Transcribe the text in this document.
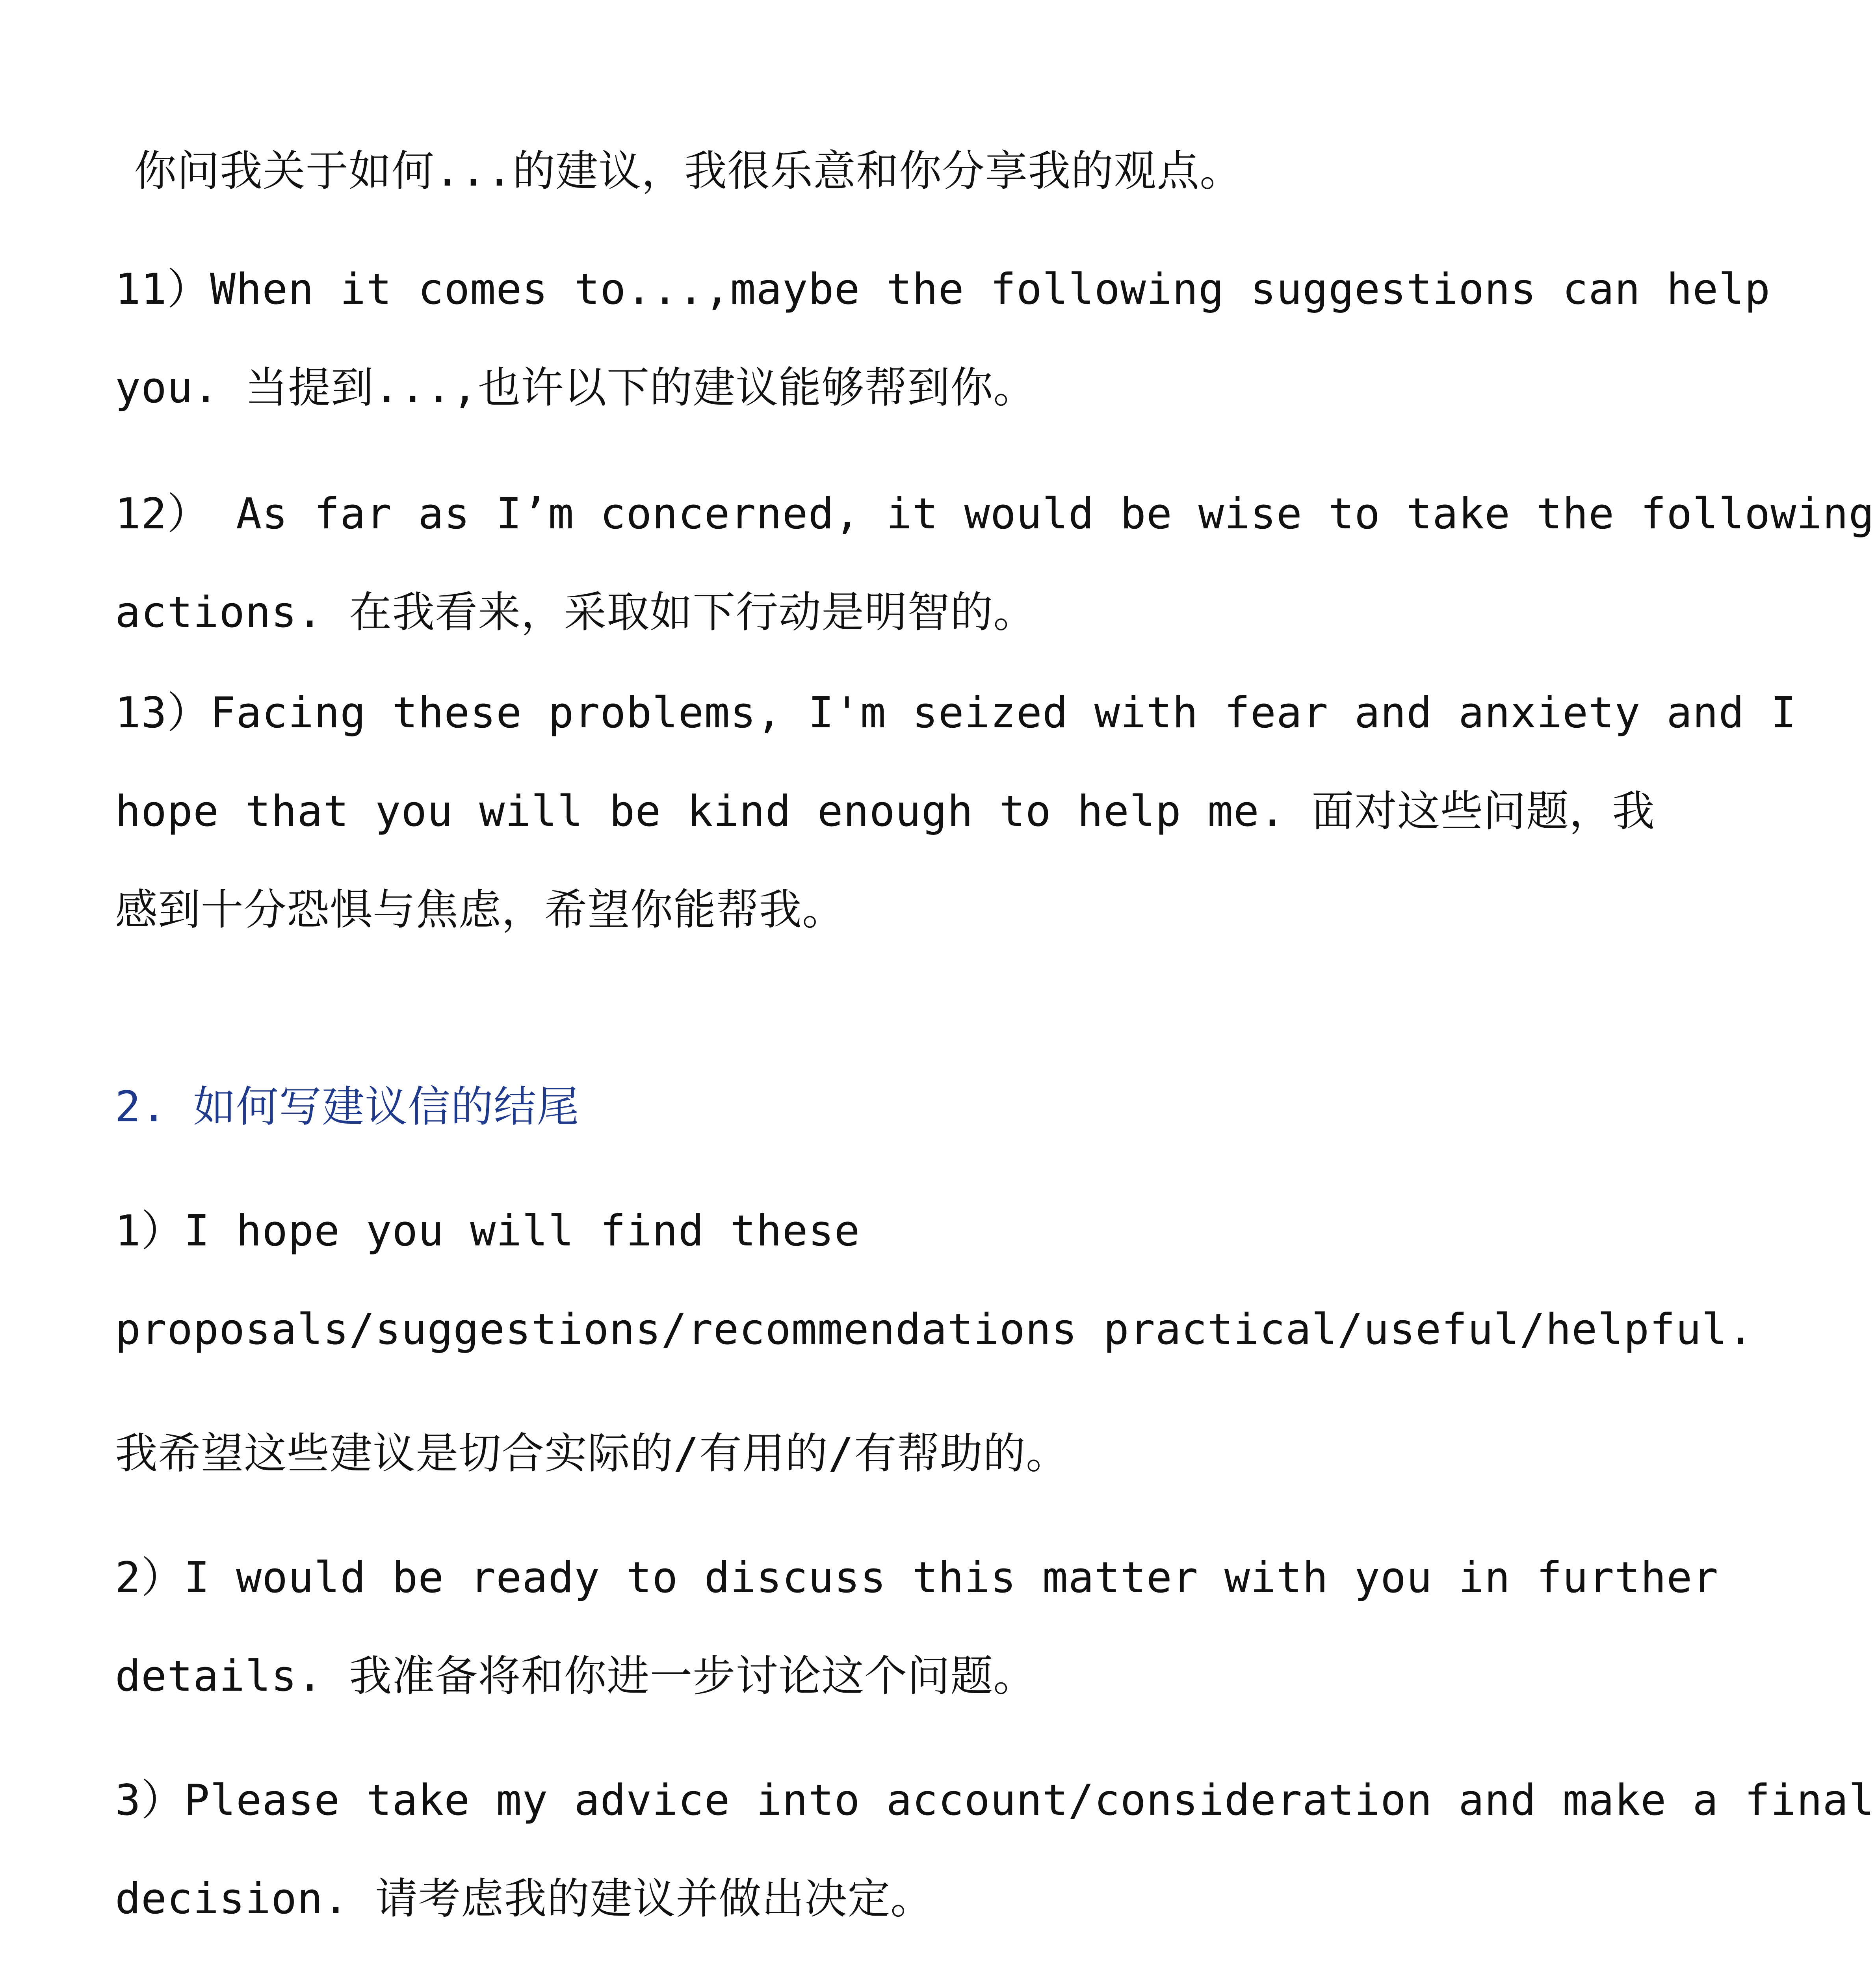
你问我关于如何...的建议，我很乐意和你分享我的观点。
11）When it comes to...,maybe the following suggestions can help
you. 当提到...,也许以下的建议能够帮到你。
12） As far as I’m concerned, it would be wise to take the following
actions. 在我看来，采取如下行动是明智的。
13）Facing these problems, I'm seized with fear and anxiety and I
hope that you will be kind enough to help me. 面对这些问题，我
感到十分恐惧与焦虑，希望你能帮我。
2. 如何写建议信的结尾
1）I hope you will find these
proposals/suggestions/recommendations practical/useful/helpful.
我希望这些建议是切合实际的/有用的/有帮助的。
2）I would be ready to discuss this matter with you in further
details. 我准备将和你进一步讨论这个问题。
3）Please take my advice into account/consideration and make a final
decision. 请考虑我的建议并做出决定。
